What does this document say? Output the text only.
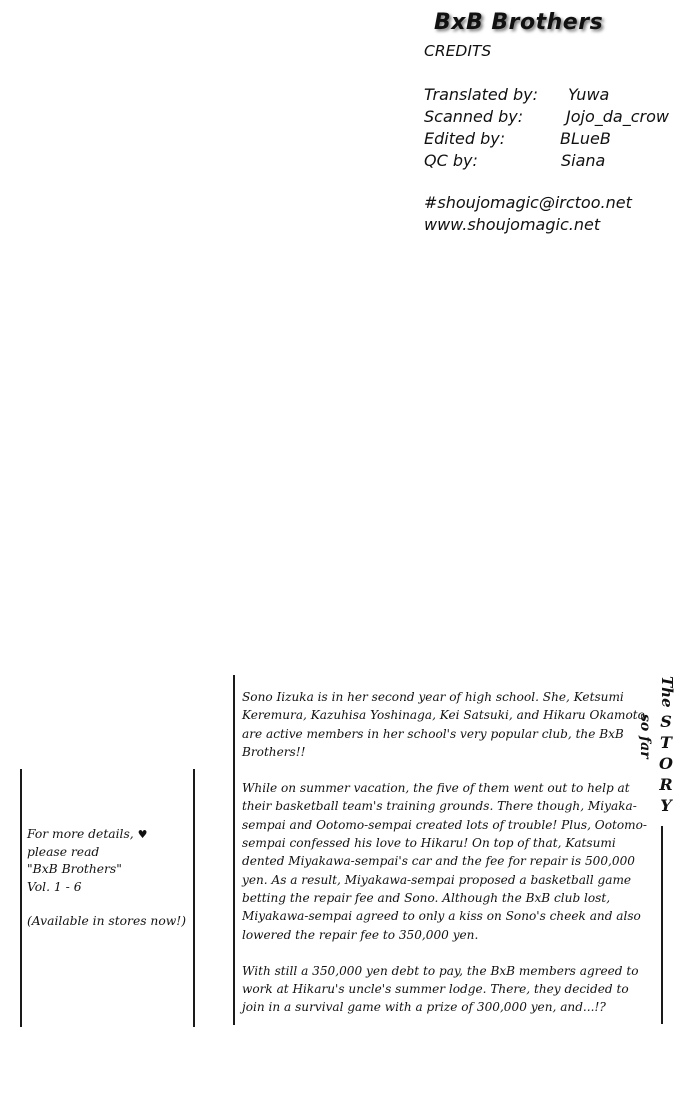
BxB Brothers
CREDITS
Translated by: Yuwa
Scanned by:	Jojo_da_crow
Edited by:	BLueB
QC by:	Siana
#shoujomagic@irctoo.net
www.shoujomagic.net
For more details, ♥
please read
"BxB Brothers"
Vol. 1 - 6
(Available in stores now!)

Sono Iizuka is in her second year of high school. She, Ketsumi Keremura, Kazuhisa Yoshinaga, Kei Satsuki, and Hikaru Okamoto are active members in her school's very popular club, the BxB Brothers!!

While on summer vacation, the five of them went out to help at their basketball team's training grounds. There though, Miyaka-sempai and Ootomo-sempai created lots of trouble! Plus, Ootomo-sempai confessed his love to Hikaru! On top of that, Katsumi dented Miyakawa-sempai's car and the fee for repair is 500,000 yen. As a result, Miyakawa-sempai proposed a basketball game betting the repair fee and Sono. Although the BxB club lost, Miyakawa-sempai agreed to only a kiss on Sono's cheek and also lowered the repair fee to 350,000 yen.

With still a 350,000 yen debt to pay, the BxB members agreed to work at Hikaru's uncle's summer lodge. There, they decided to join in a survival game with a prize of 300,000 yen, and...!?

The
S
T
O
R
Y
so far
